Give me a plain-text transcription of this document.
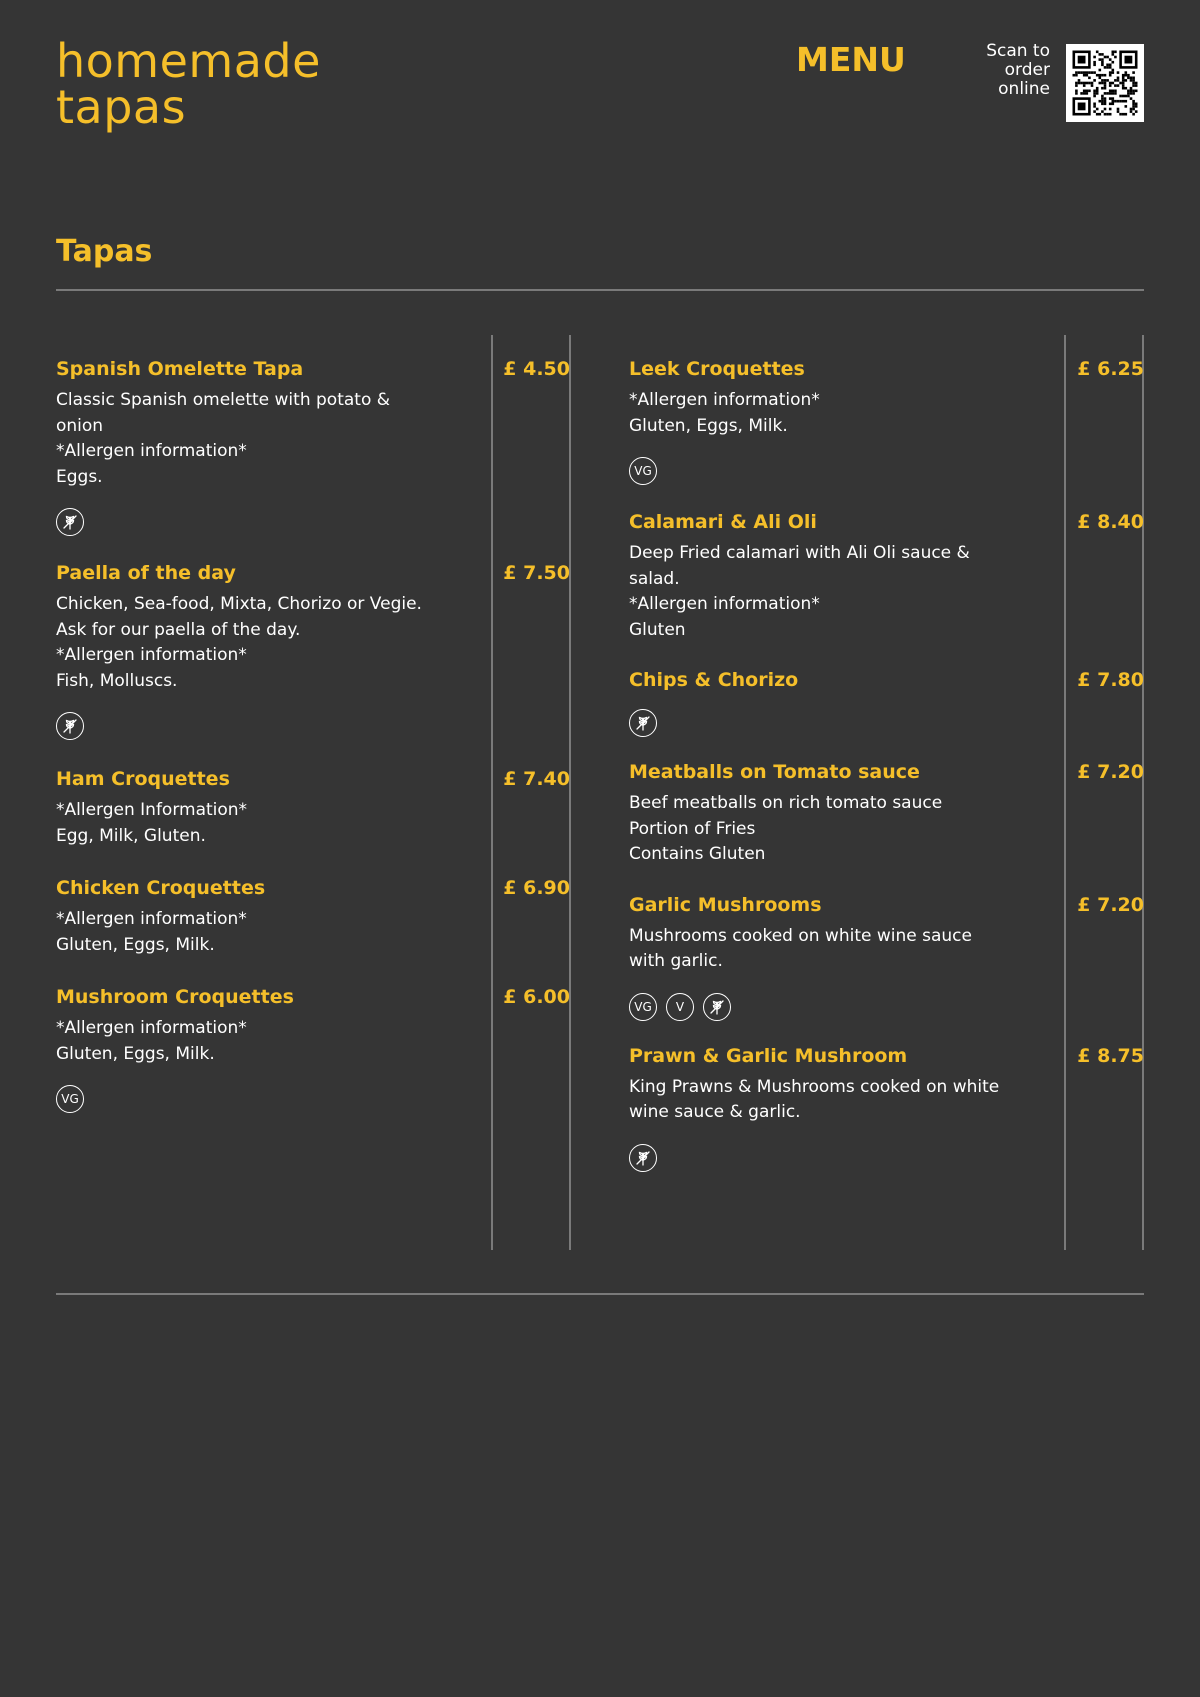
homemade
tapas
MENU	Scan to
order
online
Tapas
Spanish Omelette Tapa	£ 4.50
Classic Spanish omelette with potato &
onion
*Allergen information*
Eggs.
Paella of the day	£ 7.50
Chicken, Sea-food, Mixta, Chorizo or Vegie.
Ask for our paella of the day.
*Allergen information*
Fish, Molluscs.
Ham Croquettes	£ 7.40
*Allergen Information*
Egg, Milk, Gluten.
Chicken Croquettes	£ 6.90
*Allergen information*
Gluten, Eggs, Milk.
Mushroom Croquettes	£ 6.00
*Allergen information*
Gluten, Eggs, Milk.
VG
Leek Croquettes	£ 6.25
*Allergen information*
Gluten, Eggs, Milk.
VG
Calamari & Ali Oli	£ 8.40
Deep Fried calamari with Ali Oli sauce &
salad.
*Allergen information*
Gluten
Chips & Chorizo	£ 7.80
Meatballs on Tomato sauce	£ 7.20
Beef meatballs on rich tomato sauce
Portion of Fries
Contains Gluten
Garlic Mushrooms	£ 7.20
Mushrooms cooked on white wine sauce
with garlic.
VG	V
Prawn & Garlic Mushroom	£ 8.75
King Prawns & Mushrooms cooked on white
wine sauce & garlic.
